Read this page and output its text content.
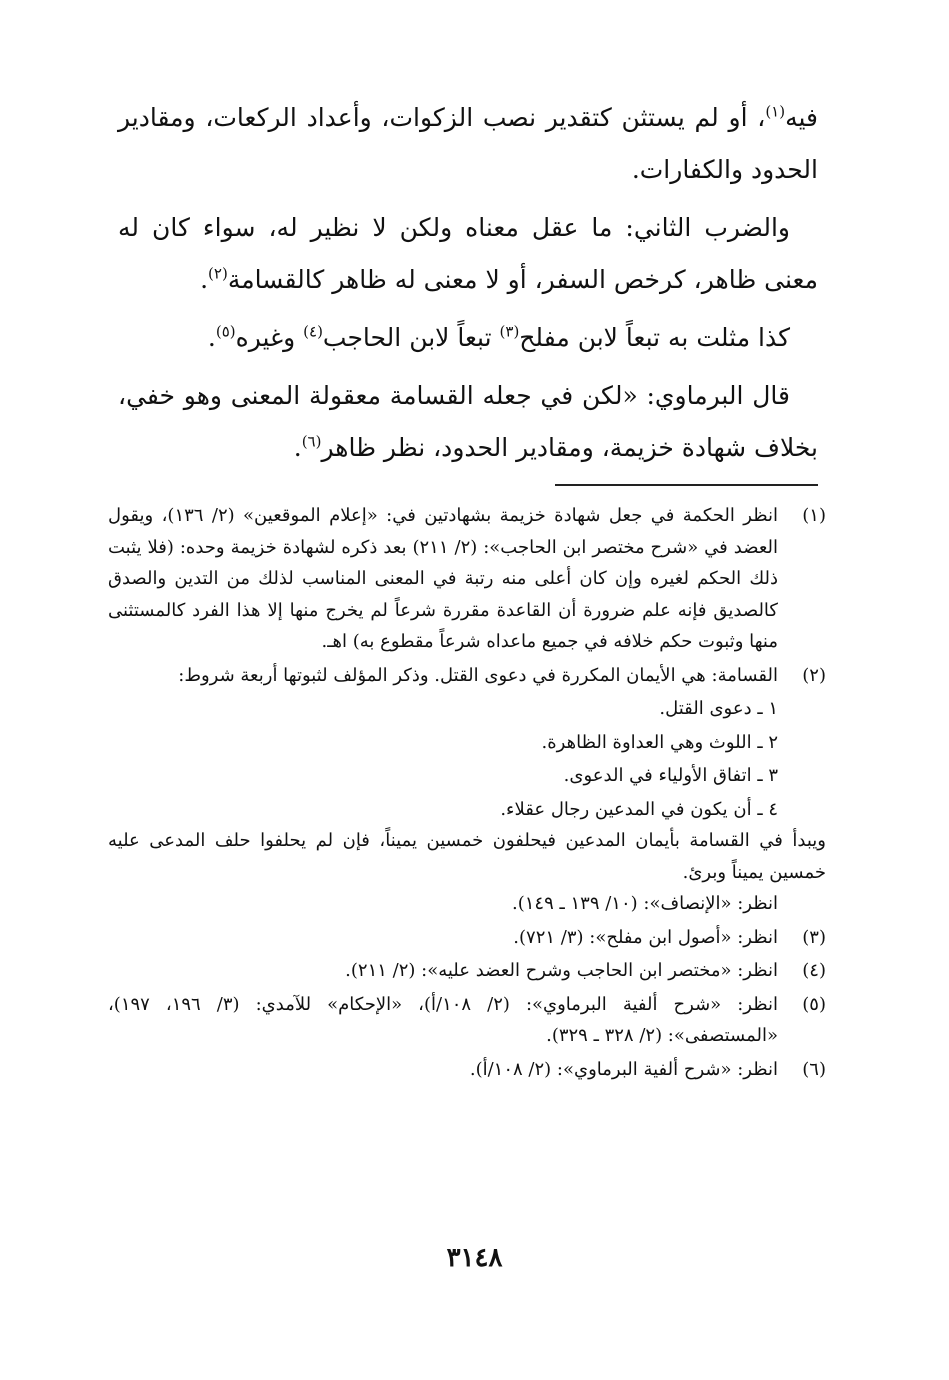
فيه$^{(١)}$، أو لم يستثن كتقدير نصب الزكوات، وأعداد الركعات، ومقادير الحدود والكفارات.

والضرب الثاني: ما عقل معناه ولكن لا نظير له، سواء كان له معنى ظاهر، كرخص السفر، أو لا معنى له ظاهر كالقسامة$^{(٢)}$.

كذا مثلت به تبعاً لابن مفلح$^{(٣)}$ تبعاً لابن الحاجب$^{(٤)}$ وغيره$^{(٥)}$.

قال البرماوي: «لكن في جعله القسامة معقولة المعنى وهو خفي، بخلاف شهادة خزيمة، ومقادير الحدود، نظر ظاهر$^{(٦)}$.

(١)
انظر الحكمة في جعل شهادة خزيمة بشهادتين في: «إعلام الموقعين» (٢/ ١٣٦)، ويقول العضد في «شرح مختصر ابن الحاجب»: (٢/ ٢١١) بعد ذكره لشهادة خزيمة وحده: (فلا يثبت ذلك الحكم لغيره وإن كان أعلى منه رتبة في المعنى المناسب لذلك من التدين والصدق كالصديق فإنه علم ضرورة أن القاعدة مقررة شرعاً لم يخرج منها إلا هذا الفرد كالمستثنى منها وثبوت حكم خلافه في جميع ماعداه شرعاً مقطوع به) اهـ.
(٢)
القسامة: هي الأيمان المكررة في دعوى القتل. وذكر المؤلف لثبوتها أربعة شروط:
١ ـ دعوى القتل.
٢ ـ اللوث وهي العداوة الظاهرة.
٣ ـ اتفاق الأولياء في الدعوى.
٤ ـ أن يكون في المدعين رجال عقلاء.
ويبدأ في القسامة بأيمان المدعين فيحلفون خمسين يميناً، فإن لم يحلفوا حلف المدعى عليه خمسين يميناً وبرئ.
انظر: «الإنصاف»: (١٠/ ١٣٩ ـ ١٤٩).
(٣)
انظر: «أصول ابن مفلح»: (٣/ ٧٢١).
(٤)
انظر: «مختصر ابن الحاجب وشرح العضد عليه»: (٢/ ٢١١).
(٥)
انظر: «شرح ألفية البرماوي»: (٢/ ١٠٨/أ)، «الإحكام» للآمدي: (٣/ ١٩٦، ١٩٧)، «المستصفى»: (٢/ ٣٢٨ ـ ٣٢٩).
(٦)
انظر: «شرح ألفية البرماوي»: (٢/ ١٠٨/أ).
٣١٤٨
